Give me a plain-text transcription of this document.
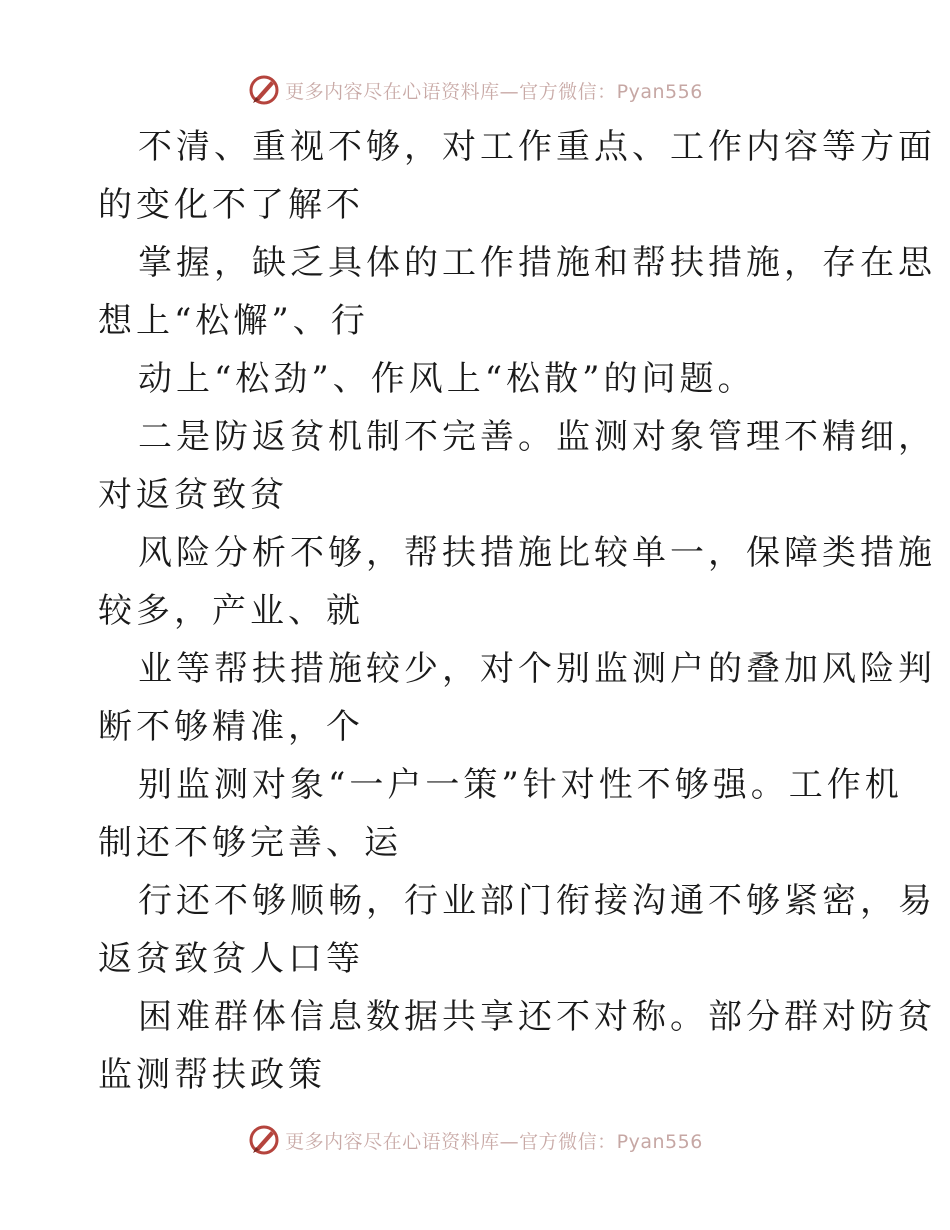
更多内容尽在心语资料库—官方微信：Pyan556

不清、重视不够，对工作重点、工作内容等方面
的变化不了解不

掌握，缺乏具体的工作措施和帮扶措施，存在思
想上“松懈”、行

动上“松劲”、作风上“松散”的问题。

二是防返贫机制不完善。监测对象管理不精细，
对返贫致贫

风险分析不够，帮扶措施比较单一，保障类措施
较多，产业、就

业等帮扶措施较少，对个别监测户的叠加风险判
断不够精准，个

别监测对象“一户一策”针对性不够强。工作机
制还不够完善、运

行还不够顺畅，行业部门衔接沟通不够紧密，易
返贫致贫人口等

困难群体信息数据共享还不对称。部分群对防贫
监测帮扶政策

更多内容尽在心语资料库—官方微信：Pyan556
